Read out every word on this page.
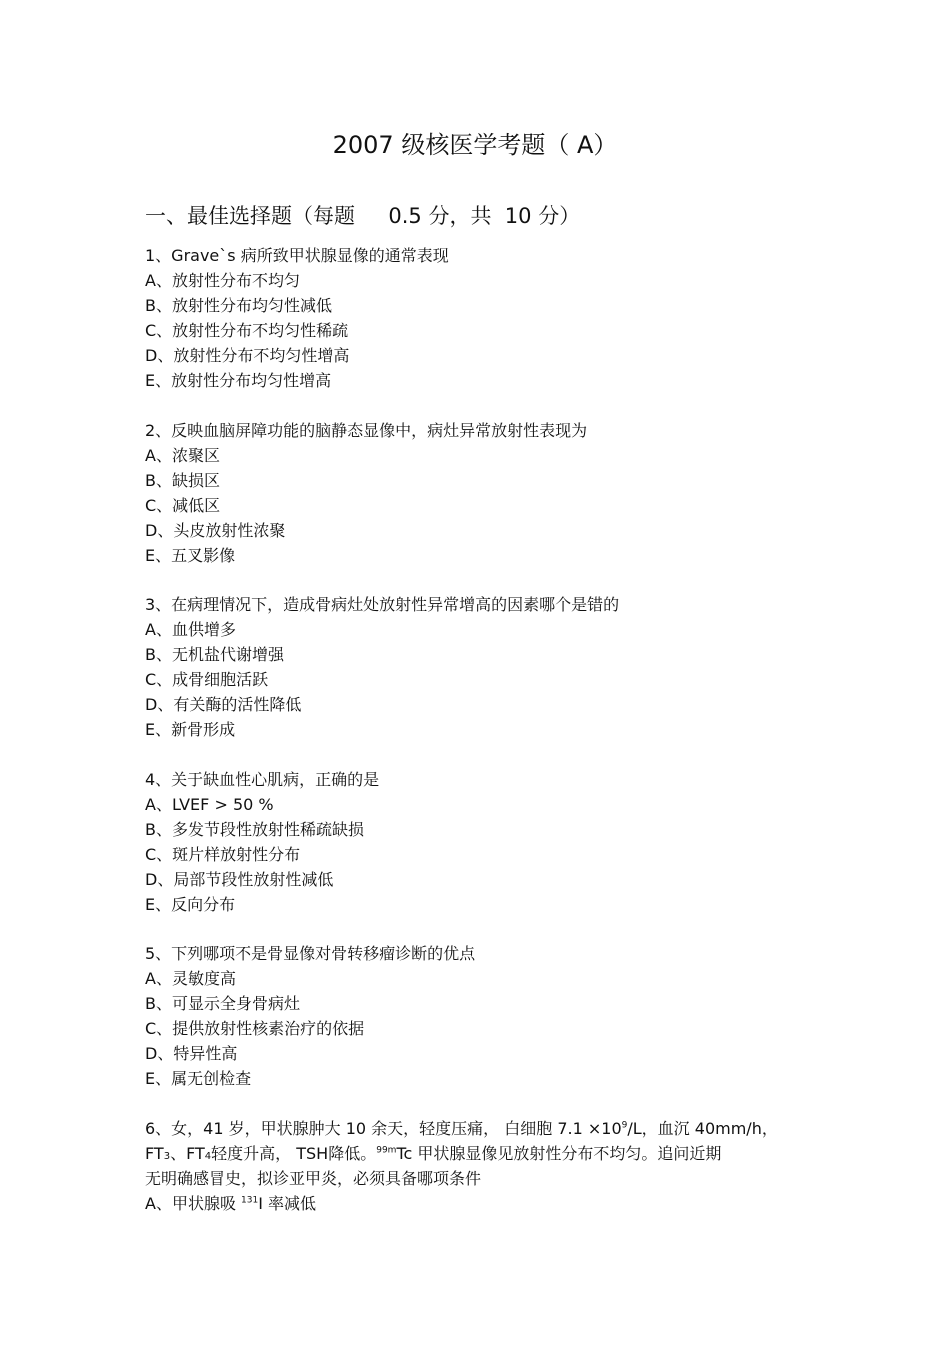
2007 级核医学考题（ A）
一、最佳选择题（每题     0.5 分，共  10 分）
1、Grave`s 病所致甲状腺显像的通常表现
A、放射性分布不均匀
B、放射性分布均匀性减低
C、放射性分布不均匀性稀疏
D、放射性分布不均匀性增高
E、放射性分布均匀性增高
2、反映血脑屏障功能的脑静态显像中，病灶异常放射性表现为
A、浓聚区
B、缺损区
C、减低区
D、头皮放射性浓聚
E、五叉影像
3、在病理情况下，造成骨病灶处放射性异常增高的因素哪个是错的
A、血供增多
B、无机盐代谢增强
C、成骨细胞活跃
D、有关酶的活性降低
E、新骨形成
4、关于缺血性心肌病，正确的是
A、LVEF > 50 %
B、多发节段性放射性稀疏缺损
C、斑片样放射性分布
D、局部节段性放射性减低
E、反向分布
5、下列哪项不是骨显像对骨转移瘤诊断的优点
A、灵敏度高
B、可显示全身骨病灶
C、提供放射性核素治疗的依据
D、特异性高
E、属无创检查
6、女，41 岁，甲状腺肿大 10 余天，轻度压痛， 白细胞 $7.1 \times 10^9/L$，血沉 40mm/h，
FT3、FT4轻度升高， TSH降低。$^{99m}$Tc 甲状腺显像见放射性分布不均匀。追问近期
无明确感冒史，拟诊亚甲炎，必须具备哪项条件
A、甲状腺吸 $^{131}$I 率减低
